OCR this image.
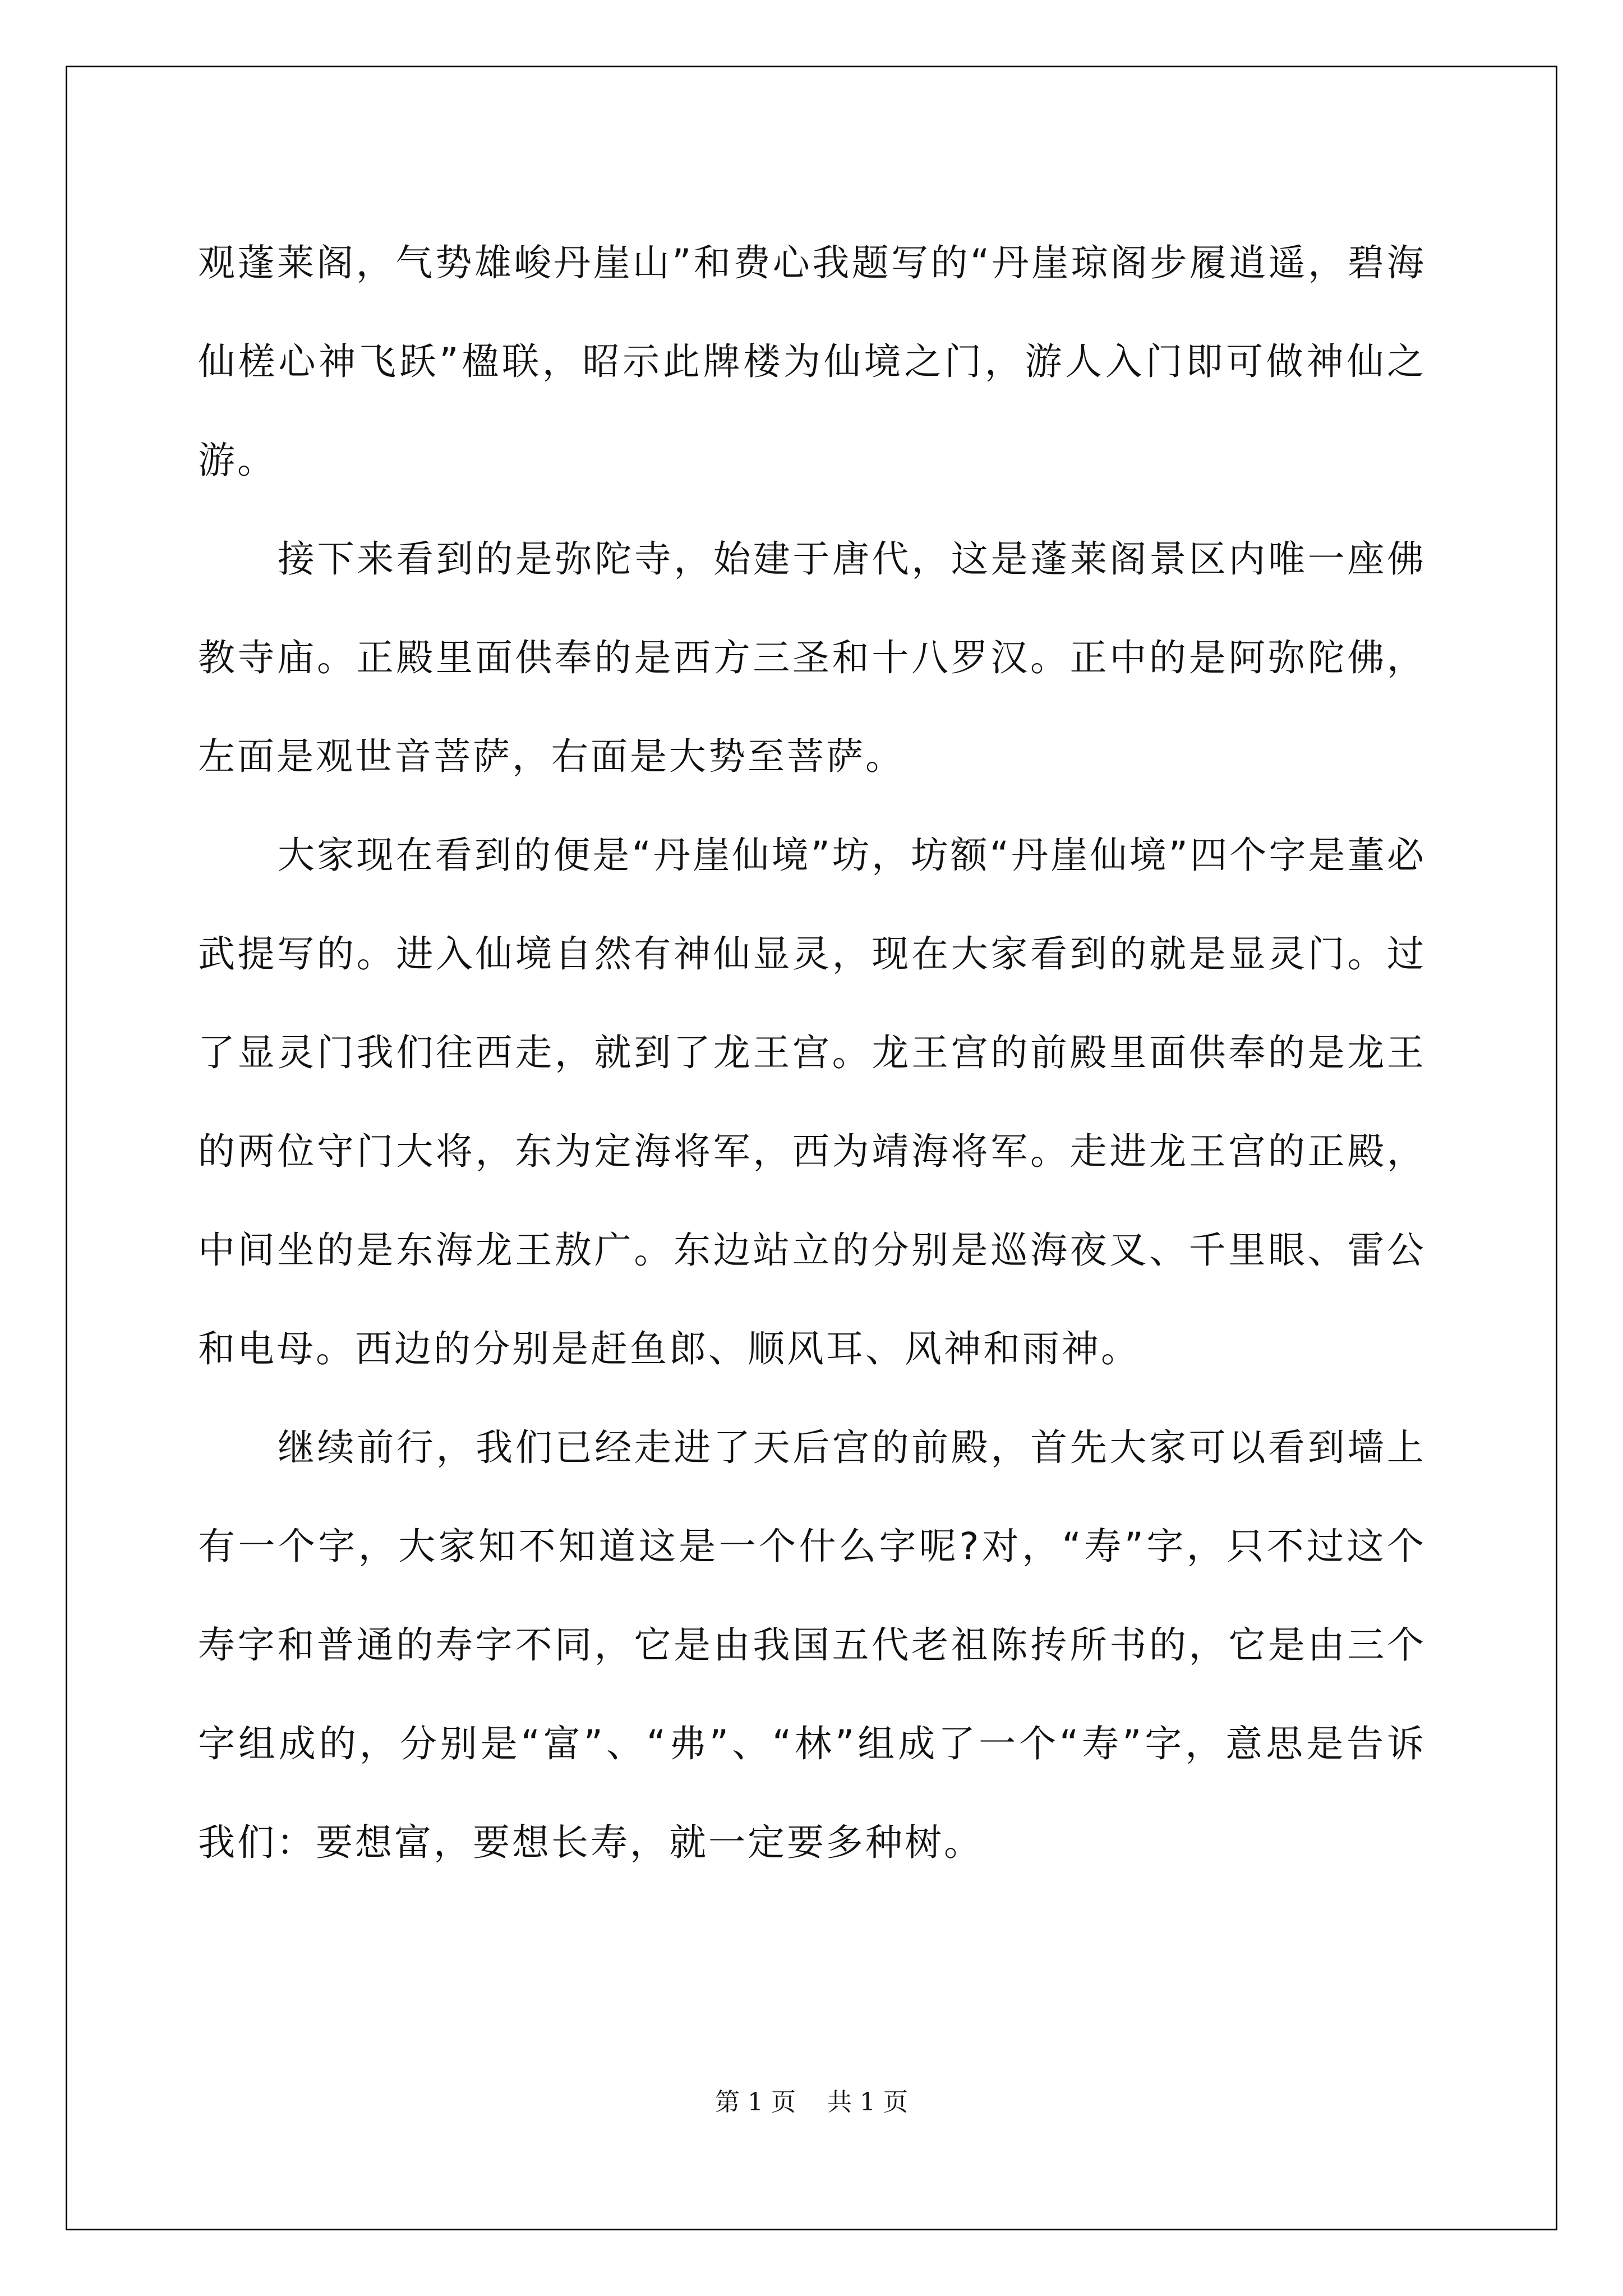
观蓬莱阁，气势雄峻丹崖山”和费心我题写的“丹崖琼阁步履逍遥，碧海仙槎心神飞跃”楹联，昭示此牌楼为仙境之门，游人入门即可做神仙之游。

接下来看到的是弥陀寺，始建于唐代，这是蓬莱阁景区内唯一座佛教寺庙。正殿里面供奉的是西方三圣和十八罗汉。正中的是阿弥陀佛，左面是观世音菩萨，右面是大势至菩萨。

大家现在看到的便是“丹崖仙境”坊，坊额“丹崖仙境”四个字是董必武提写的。进入仙境自然有神仙显灵，现在大家看到的就是显灵门。过了显灵门我们往西走，就到了龙王宫。龙王宫的前殿里面供奉的是龙王的两位守门大将，东为定海将军，西为靖海将军。走进龙王宫的正殿，中间坐的是东海龙王敖广。东边站立的分别是巡海夜叉、千里眼、雷公和电母。西边的分别是赶鱼郎、顺风耳、风神和雨神。

继续前行，我们已经走进了天后宫的前殿，首先大家可以看到墙上有一个字，大家知不知道这是一个什么字呢?对，“寿”字，只不过这个寿字和普通的寿字不同，它是由我国五代老祖陈抟所书的，它是由三个字组成的，分别是“富”、“弗”、“林”组成了一个“寿”字，意思是告诉我们：要想富，要想长寿，就一定要多种树。

第 1 页 共 1 页
